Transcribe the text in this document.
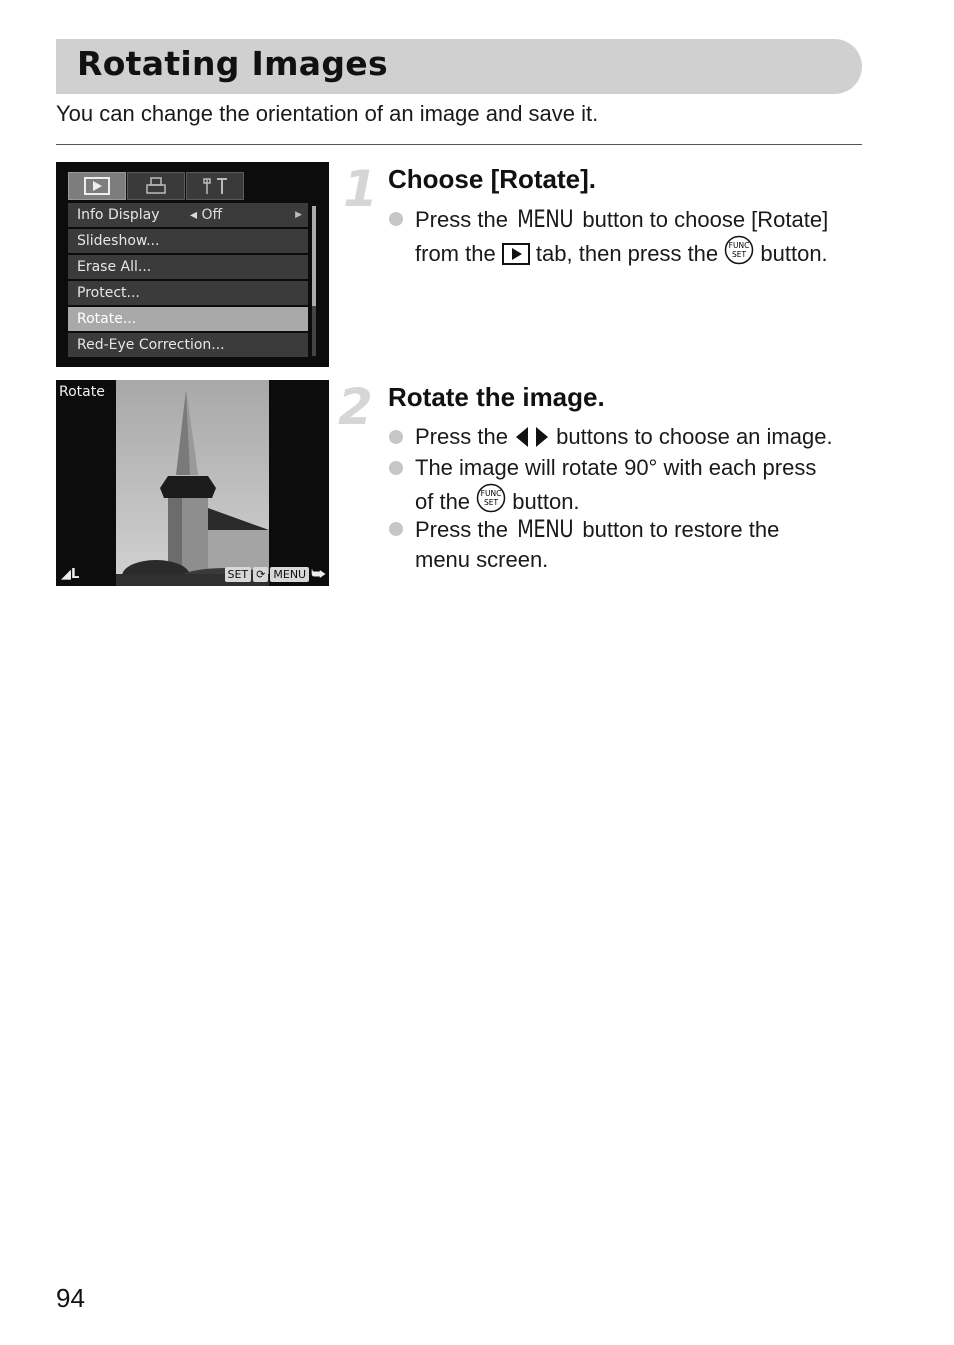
Rotating Images
You can change the orientation of an image and save it.
Info Display ◂ Off	▶
Slideshow...
Erase All...
Protect...
Rotate...
Red-Eye Correction...
Rotate
◢L	SET ⟳ MENU ⮩
1 Choose [Rotate].
Press the MENU button to choose [Rotate]
from the  tab, then press the FUNC
SET button.
2 Rotate the image.
Press the  buttons to choose an image.
The image will rotate 90° with each press
of the FUNC
SET button.
Press the MENU button to restore the
menu screen.
94
